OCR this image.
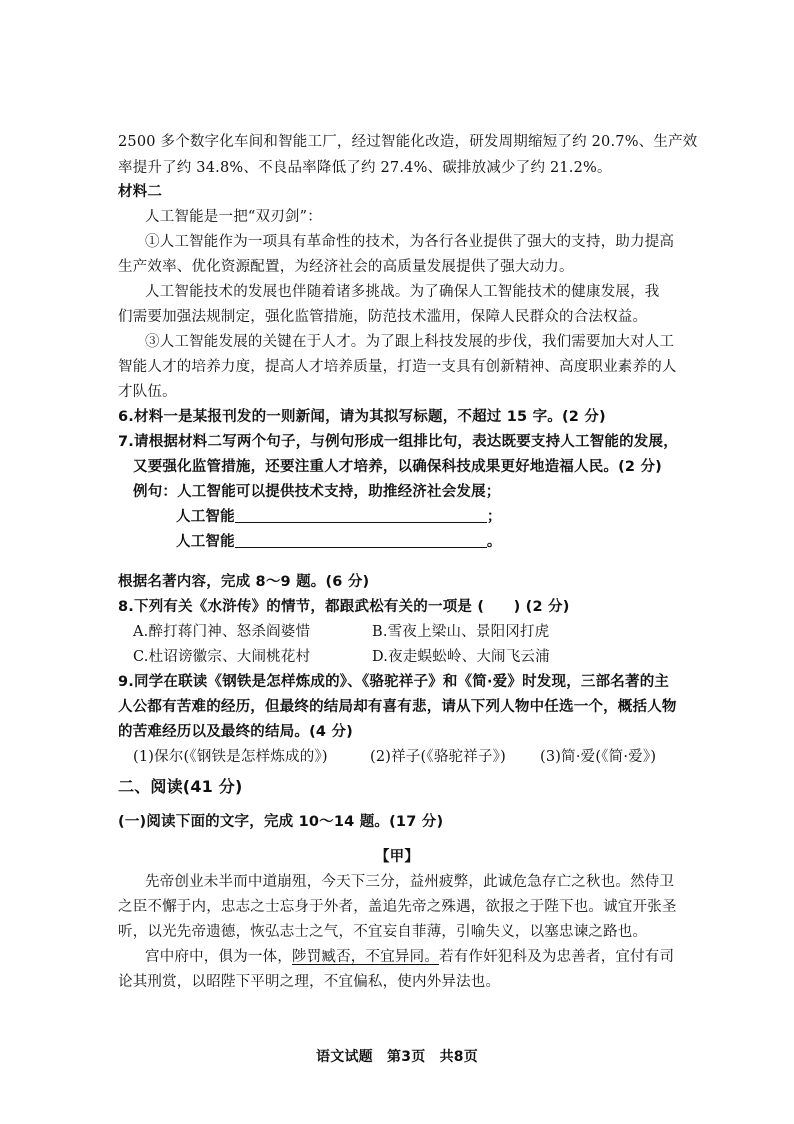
2500 多个数字化车间和智能工厂，经过智能化改造，研发周期缩短了约 20.7%、生产效
率提升了约 34.8%、不良品率降低了约 27.4%、碳排放减少了约 21.2%。
材料二
人工智能是一把“双刃剑”：
①人工智能作为一项具有革命性的技术，为各行各业提供了强大的支持，助力提高
生产效率、优化资源配置，为经济社会的高质量发展提供了强大动力。
人工智能技术的发展也伴随着诸多挑战。为了确保人工智能技术的健康发展，我
们需要加强法规制定，强化监管措施，防范技术滥用，保障人民群众的合法权益。
③人工智能发展的关键在于人才。为了跟上科技发展的步伐，我们需要加大对人工
智能人才的培养力度，提高人才培养质量，打造一支具有创新精神、高度职业素养的人
才队伍。
6.材料一是某报刊发的一则新闻，请为其拟写标题，不超过 15 字。(2 分)
7.请根据材料二写两个句子，与例句形成一组排比句，表达既要支持人工智能的发展，
又要强化监管措施，还要注重人才培养，以确保科技成果更好地造福人民。(2 分)
例句：人工智能可以提供技术支持，助推经济社会发展；
人工智能	；
人工智能	。
根据名著内容，完成 8～9 题。(6 分)
8.下列有关《水浒传》的情节，都跟武松有关的一项是 (　　) (2 分)
A.醉打蒋门神、怒杀阎婆惜	B.雪夜上梁山、景阳冈打虎
C.杜诏谤徽宗、大闹桃花村	D.夜走蜈蚣岭、大闹飞云浦
9.同学在联读《钢铁是怎样炼成的》、《骆驼祥子》和《简·爱》时发现，三部名著的主
人公都有苦难的经历，但最终的结局却有喜有悲，请从下列人物中任选一个，概括人物
的苦难经历以及最终的结局。(4 分)
(1)保尔(《钢铁是怎样炼成的》)	(2)祥子(《骆驼祥子》) (3)简·爱(《简·爱》)
二、阅读(41 分)
(一)阅读下面的文字，完成 10～14 题。(17 分)
【甲】
先帝创业未半而中道崩殂，今天下三分，益州疲弊，此诚危急存亡之秋也。然侍卫
之臣不懈于内，忠志之士忘身于外者，盖追先帝之殊遇，欲报之于陛下也。诚宜开张圣
听，以光先帝遗德，恢弘志士之气，不宜妄自菲薄，引喻失义，以塞忠谏之路也。
宫中府中，俱为一体，陟罚臧否，不宜异同。若有作奸犯科及为忠善者，宜付有司
论其刑赏，以昭陛下平明之理，不宜偏私，使内外异法也。
语文试题　第3页　共8页
